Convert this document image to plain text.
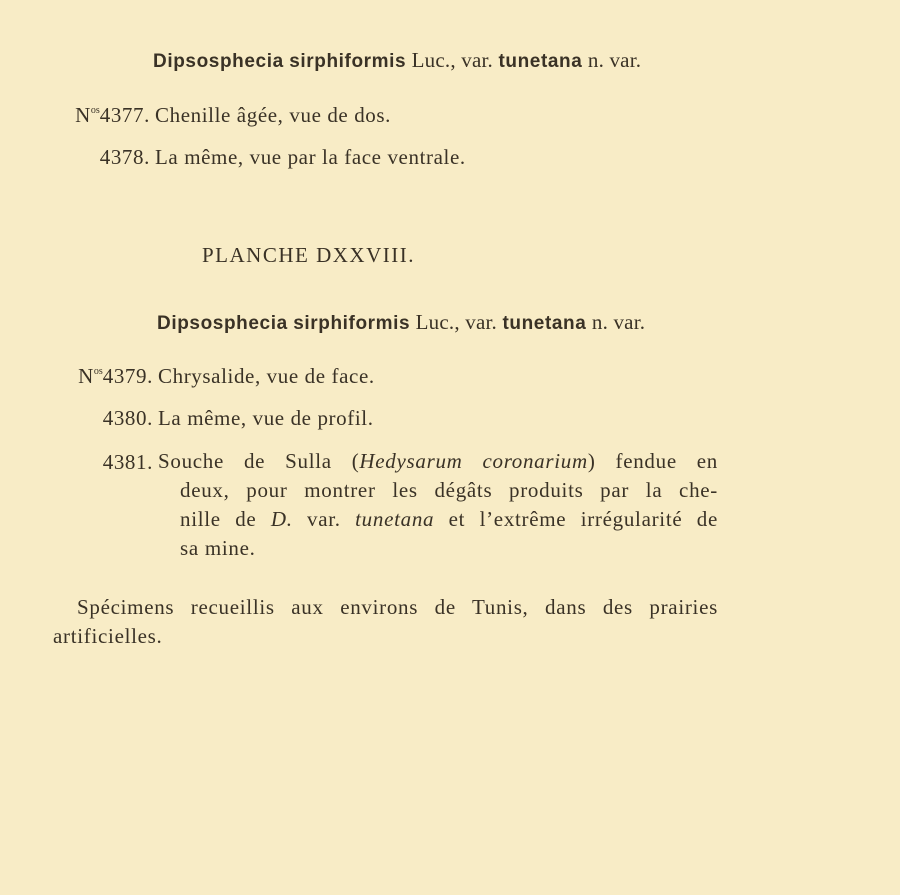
Dipsosphecia sirphiformis Luc., var. tunetana n. var.
$N^{os}4377$. Chenille âgée, vue de dos.
4378. La même, vue par la face ventrale.
PLANCHE DXXVIII.
Dipsosphecia sirphiformis Luc., var. tunetana n. var.
$N^{os}4379$. Chrysalide, vue de face.
4380. La même, vue de profil.
4381. Souche de Sulla (Hedysarum coronarium) fendue en
deux, pour montrer les dégâts produits par la che-
nille de D. var. tunetana et l’extrême irrégularité de
sa mine.
Spécimens recueillis aux environs de Tunis, dans des prairies
artificielles.
